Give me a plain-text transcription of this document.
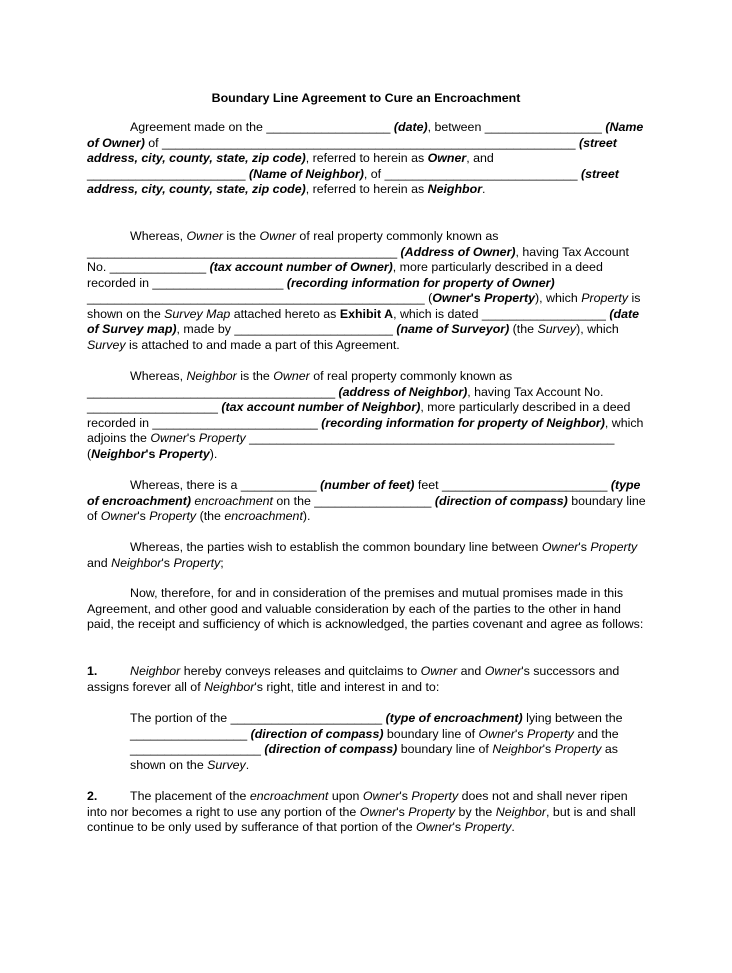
Boundary Line Agreement to Cure an Encroachment

Agreement made on the __________________ (date), between _________________ (Name of Owner) of ____________________________________________________________ (street address, city, county, state, zip code), referred to herein as Owner, and _______________________ (Name of Neighbor), of ____________________________ (street address, city, county, state, zip code), referred to herein as Neighbor.

Whereas, Owner is the Owner of real property commonly known as _____________________________________________ (Address of Owner), having Tax Account No. ______________ (tax account number of Owner), more particularly described in a deed recorded in ___________________ (recording information for property of Owner) _________________________________________________ (Owner's Property), which Property is shown on the Survey Map attached hereto as Exhibit A, which is dated __________________ (date of Survey map), made by _______________________ (name of Surveyor) (the Survey), which Survey is attached to and made a part of this Agreement.

Whereas, Neighbor is the Owner of real property commonly known as ____________________________________ (address of Neighbor), having Tax Account No. ___________________ (tax account number of Neighbor), more particularly described in a deed recorded in ________________________ (recording information for property of Neighbor), which adjoins the Owner's Property _____________________________________________________ (Neighbor's Property).

Whereas, there is a ___________ (number of feet) feet ________________________ (type of encroachment) encroachment on the _________________ (direction of compass) boundary line of Owner's Property (the encroachment).

Whereas, the parties wish to establish the common boundary line between Owner's Property and Neighbor's Property;

Now, therefore, for and in consideration of the premises and mutual promises made in this Agreement, and other good and valuable consideration by each of the parties to the other in hand paid, the receipt and sufficiency of which is acknowledged, the parties covenant and agree as follows:

1.	Neighbor hereby conveys releases and quitclaims to Owner and Owner's successors and assigns forever all of Neighbor's right, title and interest in and to:

The portion of the ______________________ (type of encroachment) lying between the _________________ (direction of compass) boundary line of Owner's Property and the ___________________ (direction of compass) boundary line of Neighbor's Property as shown on the Survey.

2.	The placement of the encroachment upon Owner's Property does not and shall never ripen into nor becomes a right to use any portion of the Owner's Property by the Neighbor, but is and shall continue to be only used by sufferance of that portion of the Owner's Property.
